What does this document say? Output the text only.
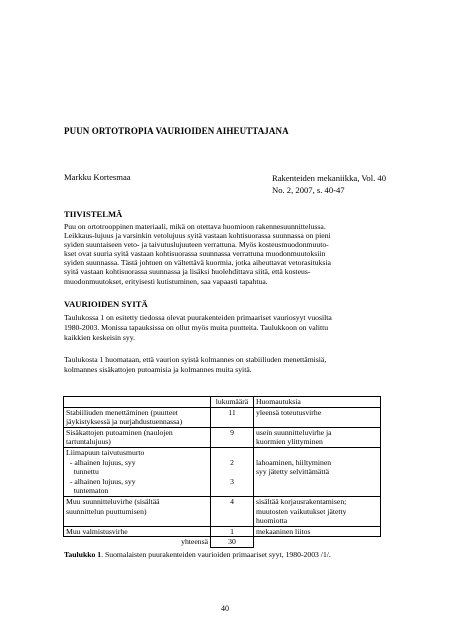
PUUN ORTOTROPIA VAURIOIDEN AIHEUTTAJANA
Markku Kortesmaa	Rakenteiden mekaniikka, Vol. 40
No. 2, 2007, s. 40-47
TIIVISTELMÄ
Puu on ortotrooppinen materiaali, mikä on otettava huomioon rakennesuunnittelussa.
Leikkaus-lujuus ja varsinkin vetolujuus syitä vastaan kohtisuorassa suunnassa on pieni
syiden suuntaiseen veto- ja taivutuslujuuteen verrattuna. Myös kosteusmuodonmuuto-
kset ovat suuria syitä vastaan kohtisuorassa suunnassa verrattuna muodonmuutoksiin
syiden suunnassa. Tästä johtuen on vältettävä kuormia, jotka aiheuttavat vetorasituksia
syitä vastaan kohtisuorassa suunnassa ja lisäksi huolehdittava siitä, että kosteus-
muodonmuutokset, erityisesti kutistuminen, saa vapaasti tapahtua.
VAURIOIDEN SYITÄ
Taulukossa 1 on esitetty tiedossa olevat puurakenteiden primaariset vauriosyyt vuosilta
1980-2003. Monissa tapauksissa on ollut myös muita puutteita. Taulukkoon on valittu
kaikkien keskeisin syy.
Taulukosta 1 huomataan, että vaurion syistä kolmannes on stabiiliuden menettämisiä,
kolmannes sisäkattojen putoamisia ja kolmannes muita syitä.
	lukumäärä	Huomautuksia

Stabiiliuden menettäminen (puutteet
jäykistyksessä ja nurjahdustuennassa)	11	yleensä toteutusvirhe

Sisäkattojen putoaminen (naulojen
tartuntalujuus)	9	usein suunnitteluvirhe ja
kuormien ylittyminen

Liimapuun taivutusmurto
- alhainen lujuus, syy
tunnettu
- alhainen lujuus, syy
tuntematon	2

3	lahoaminen, hiiltyminen
syy jätetty selvittämättä

Muu suunnitteluvirhe (sisältää
suunnittelun puuttumisen)	4	sisältää korjausrakentamisen;
muutosten vaikutukset jätetty
huomiotta

Muu valmistusvirhe	1	mekaaninen liitos

yhteensä	30	
Taulukko 1. Suomalaisten puurakenteiden vaurioiden primaariset syyt, 1980-2003 /1/.
40
